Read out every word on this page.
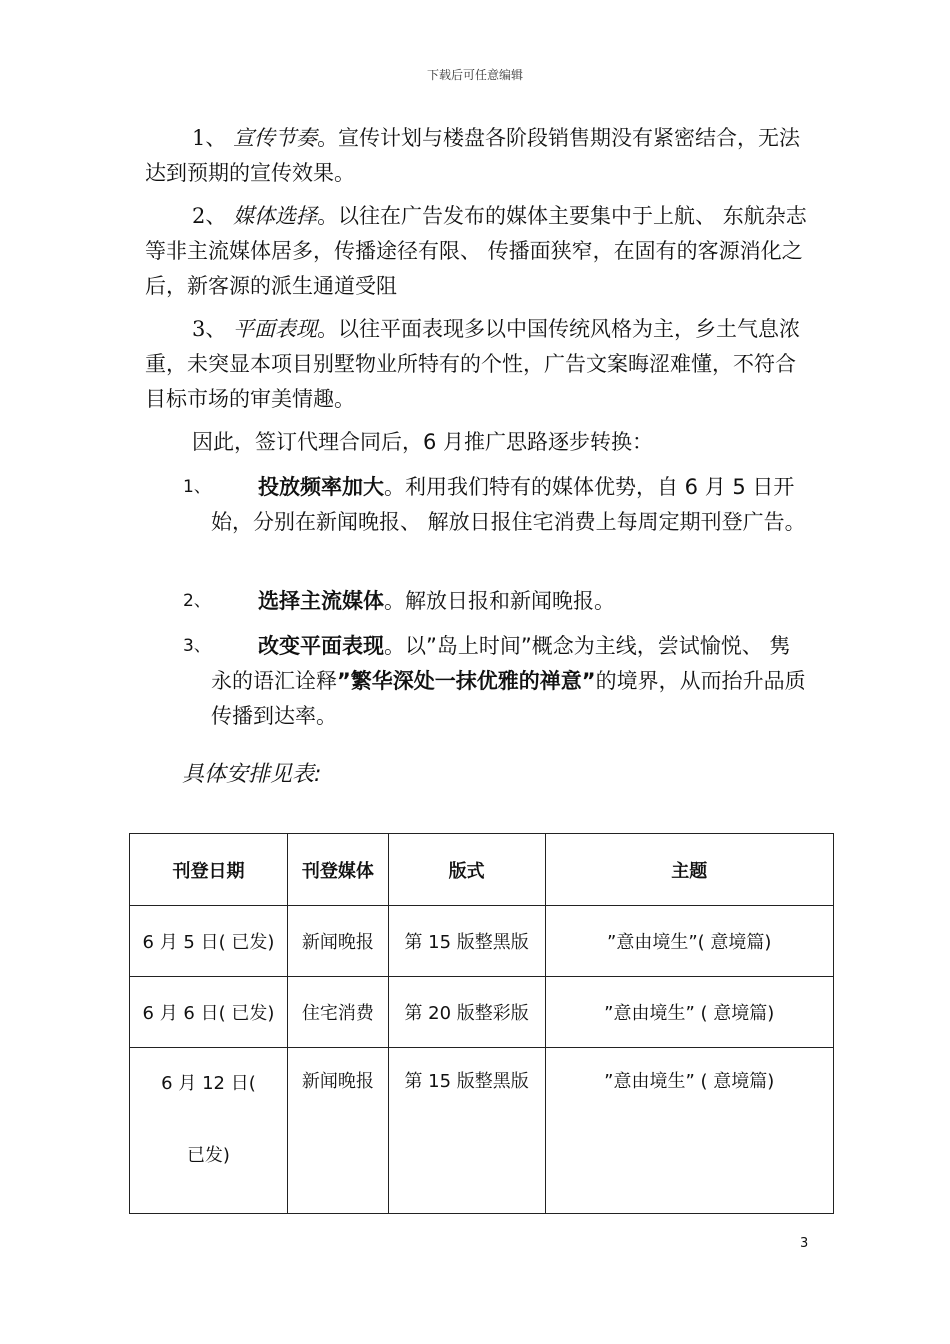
下载后可任意编辑
1、 宣传节奏。宣传计划与楼盘各阶段销售期没有紧密结合，无法达到预期的宣传效果。
2、 媒体选择。以往在广告发布的媒体主要集中于上航、 东航杂志等非主流媒体居多，传播途径有限、 传播面狭窄，在固有的客源消化之后，新客源的派生通道受阻
3、 平面表现。以往平面表现多以中国传统风格为主，乡土气息浓重，未突显本项目别墅物业所特有的个性，广告文案晦涩难懂，不符合目标市场的审美情趣。
因此，签订代理合同后，6 月推广思路逐步转换：
1、	投放频率加大。利用我们特有的媒体优势，自 6 月 5 日开始，分别在新闻晚报、 解放日报住宅消费上每周定期刊登广告。
2、	选择主流媒体。解放日报和新闻晚报。
3、	改变平面表现。以”岛上时间”概念为主线，尝试愉悦、 隽永的语汇诠释”繁华深处一抹优雅的禅意”的境界，从而抬升品质传播到达率。
具体安排见表:
刊登日期	刊登媒体	版式	主题
6 月 5 日( 已发)	新闻晚报	第 15 版整黑版	”意由境生”( 意境篇)
6 月 6 日( 已发)	住宅消费	第 20 版整彩版	”意由境生” ( 意境篇)

6 月 12 日( 已发)	新闻晚报	第 15 版整黑版	”意由境生” ( 意境篇)
3
